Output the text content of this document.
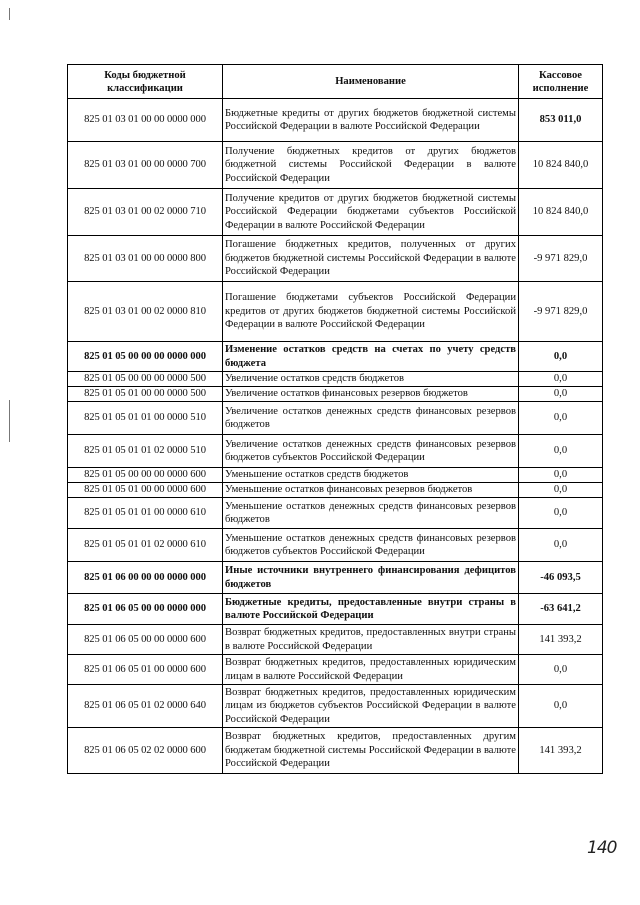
Коды бюджетной классификации	Наименование	Кассовое исполнение
825 01 03 01 00 00 0000 000	Бюджетные кредиты от других бюджетов бюджетной системы Российской Федерации в валюте Российской Федерации	853 011,0
825 01 03 01 00 00 0000 700	Получение бюджетных кредитов от других бюджетов бюджетной системы Российской Федерации в валюте Российской Федерации	10 824 840,0
825 01 03 01 00 02 0000 710	Получение кредитов от других бюджетов бюджетной системы Российской Федерации бюджетами субъектов Российской Федерации в валюте Российской Федерации	10 824 840,0
825 01 03 01 00 00 0000 800	Погашение бюджетных кредитов, полученных от других бюджетов бюджетной системы Российской Федерации в валюте Российской Федерации	-9 971 829,0
825 01 03 01 00 02 0000 810	Погашение бюджетами субъектов Российской Федерации кредитов от других бюджетов бюджетной системы Российской Федерации в валюте Российской Федерации	-9 971 829,0
825 01 05 00 00 00 0000 000	Изменение остатков средств на счетах по учету средств бюджета	0,0
825 01 05 00 00 00 0000 500	Увеличение остатков средств бюджетов	0,0
825 01 05 01 00 00 0000 500	Увеличение остатков финансовых резервов бюджетов	0,0
825 01 05 01 01 00 0000 510	Увеличение остатков денежных средств финансовых резервов бюджетов	0,0
825 01 05 01 01 02 0000 510	Увеличение остатков денежных средств финансовых резервов бюджетов субъектов Российской Федерации	0,0
825 01 05 00 00 00 0000 600	Уменьшение остатков средств бюджетов	0,0
825 01 05 01 00 00 0000 600	Уменьшение остатков финансовых резервов бюджетов	0,0
825 01 05 01 01 00 0000 610	Уменьшение остатков денежных средств финансовых резервов бюджетов	0,0
825 01 05 01 01 02 0000 610	Уменьшение остатков денежных средств финансовых резервов бюджетов субъектов Российской Федерации	0,0
825 01 06 00 00 00 0000 000	Иные источники внутреннего финансирования дефицитов бюджетов	-46 093,5
825 01 06 05 00 00 0000 000	Бюджетные кредиты, предоставленные внутри страны в валюте Российской Федерации	-63 641,2
825 01 06 05 00 00 0000 600	Возврат бюджетных кредитов, предоставленных внутри страны в валюте Российской Федерации	141 393,2
825 01 06 05 01 00 0000 600	Возврат бюджетных кредитов, предоставленных юридическим лицам в валюте Российской Федерации	0,0
825 01 06 05 01 02 0000 640	Возврат бюджетных кредитов, предоставленных юридическим лицам из бюджетов субъектов Российской Федерации в валюте Российской Федерации	0,0
825 01 06 05 02 02 0000 600	Возврат бюджетных кредитов, предоставленных другим бюджетам бюджетной системы Российской Федерации в валюте Российской Федерации	141 393,2
140
